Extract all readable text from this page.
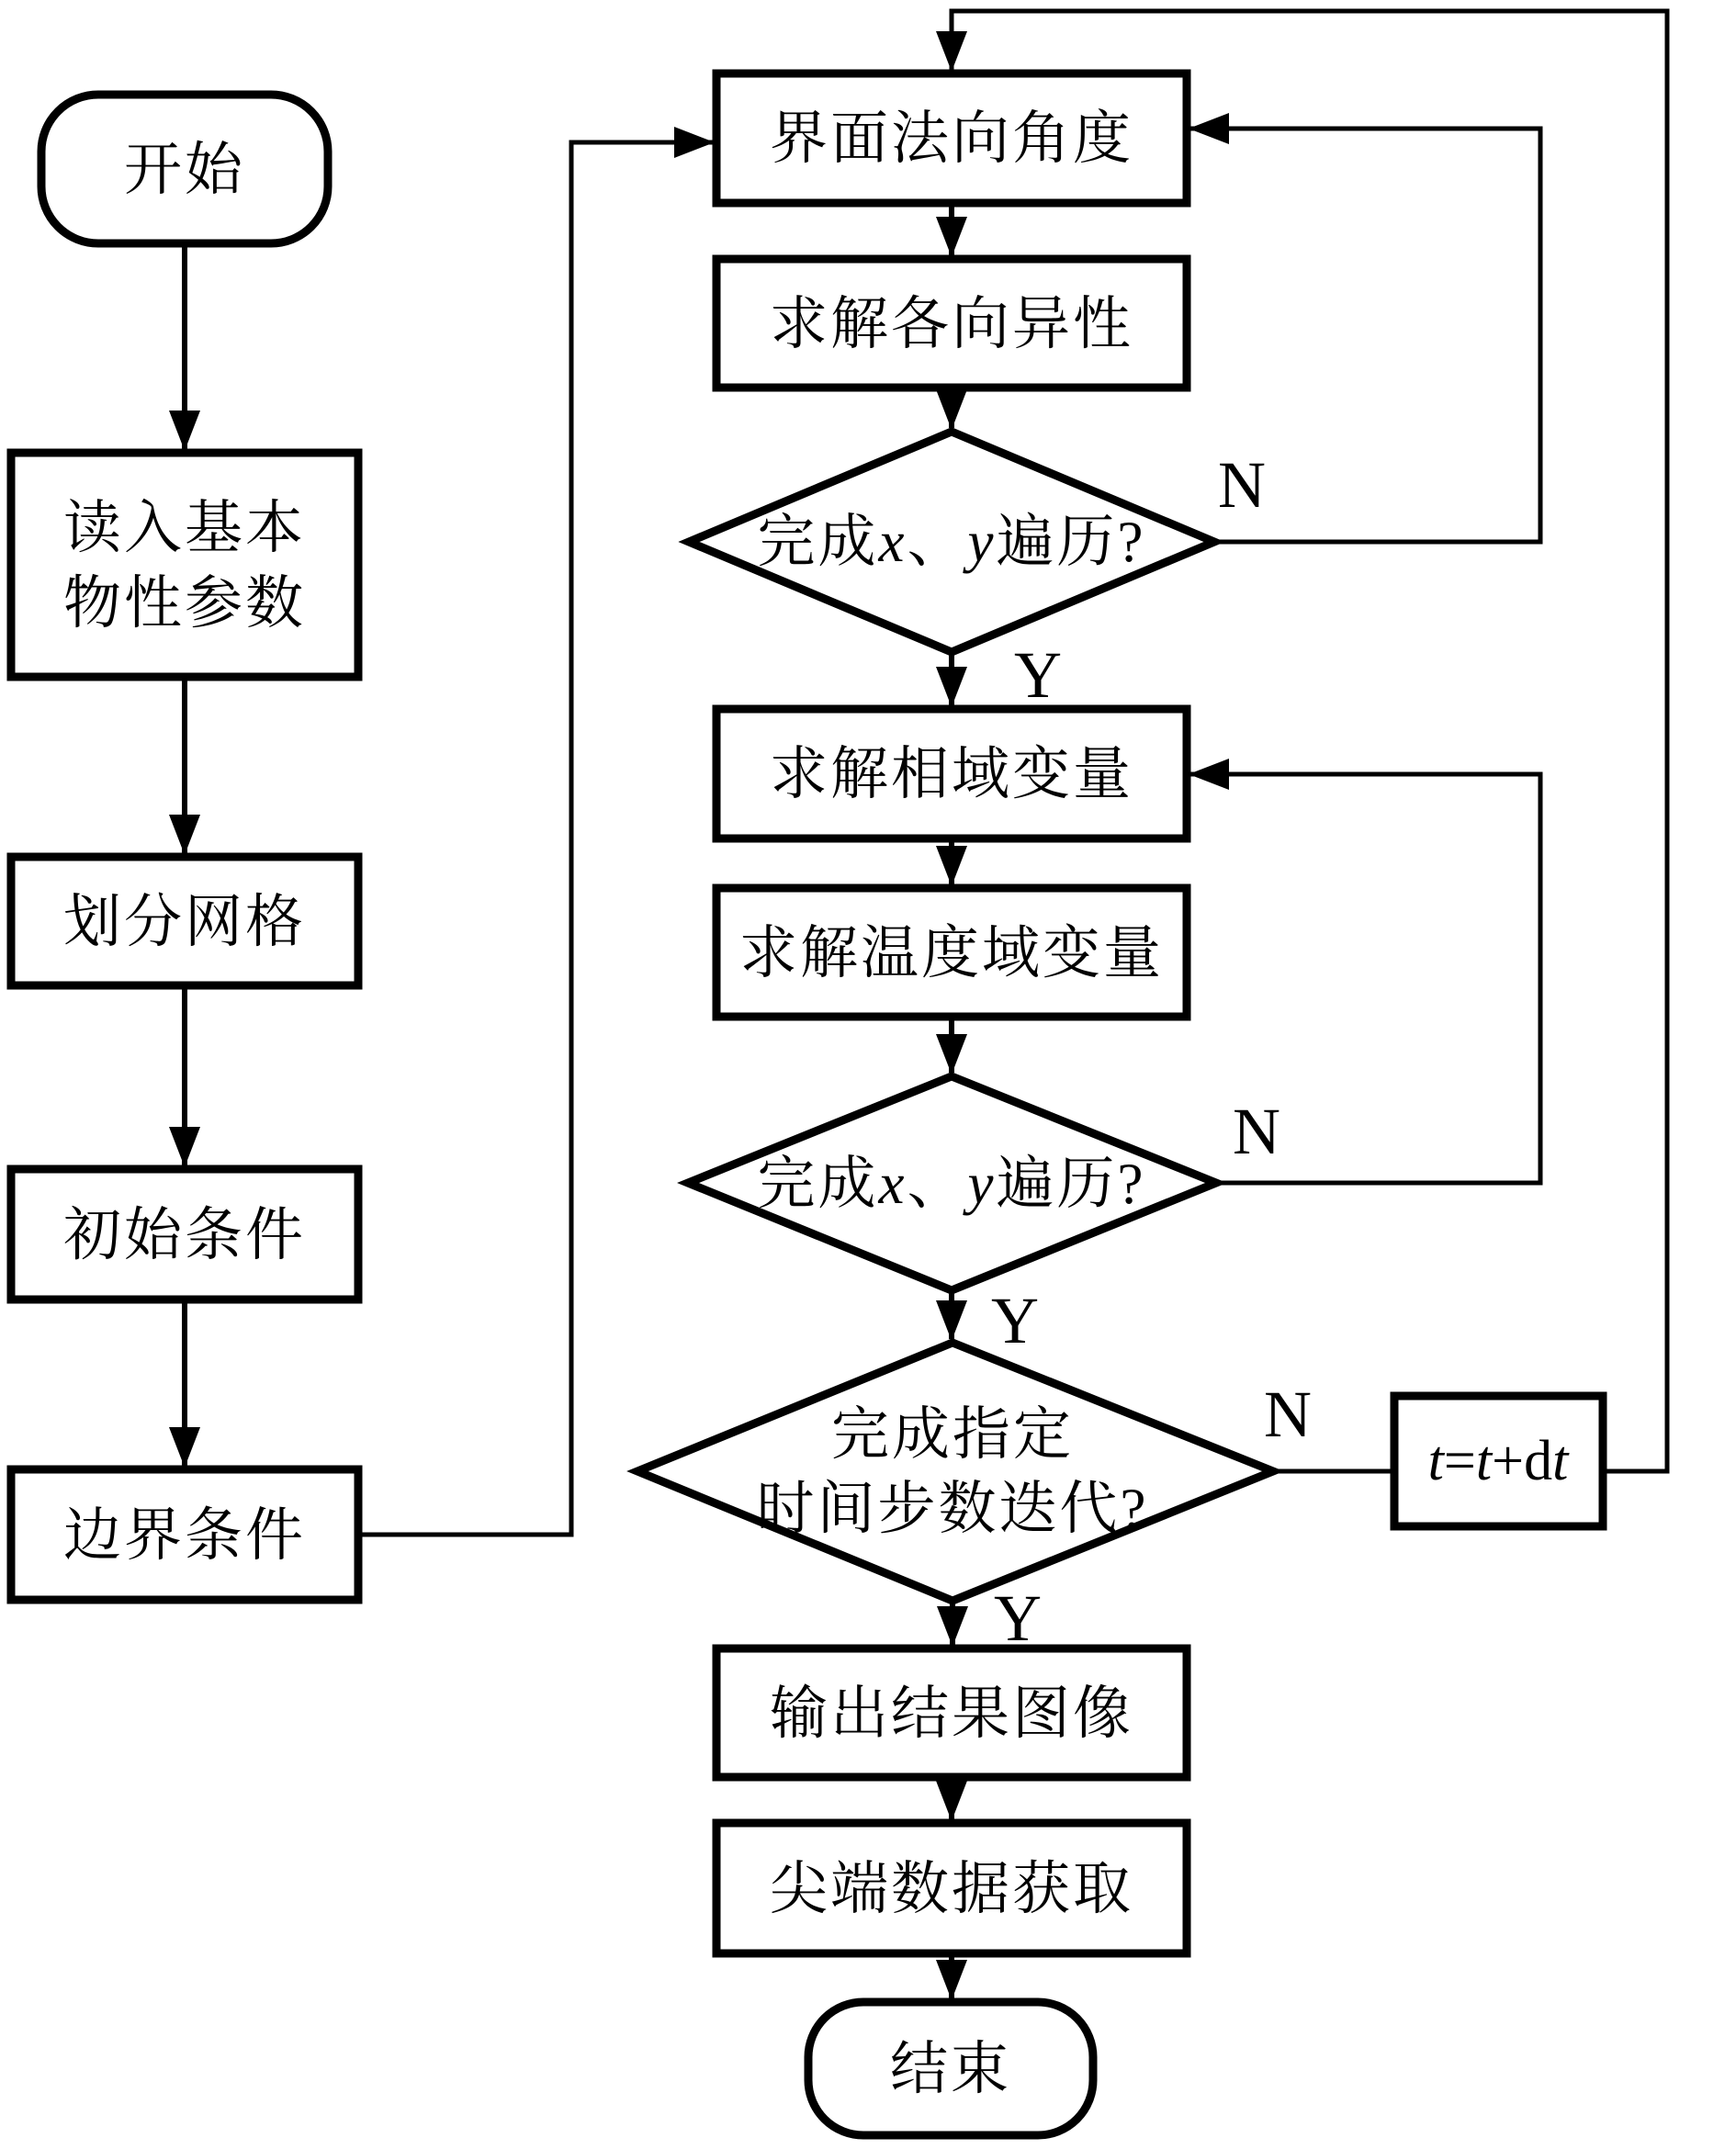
开始
读入基本
物性参数
划分网格
初始条件
边界条件
界面法向角度
求解各向异性
完成x、y遍历?
求解相域变量
求解温度域变量
完成x、y遍历?
完成指定
时间步数迭代?
t=t+dt
输出结果图像
尖端数据获取
结束
N
Y
N
Y
N
Y
